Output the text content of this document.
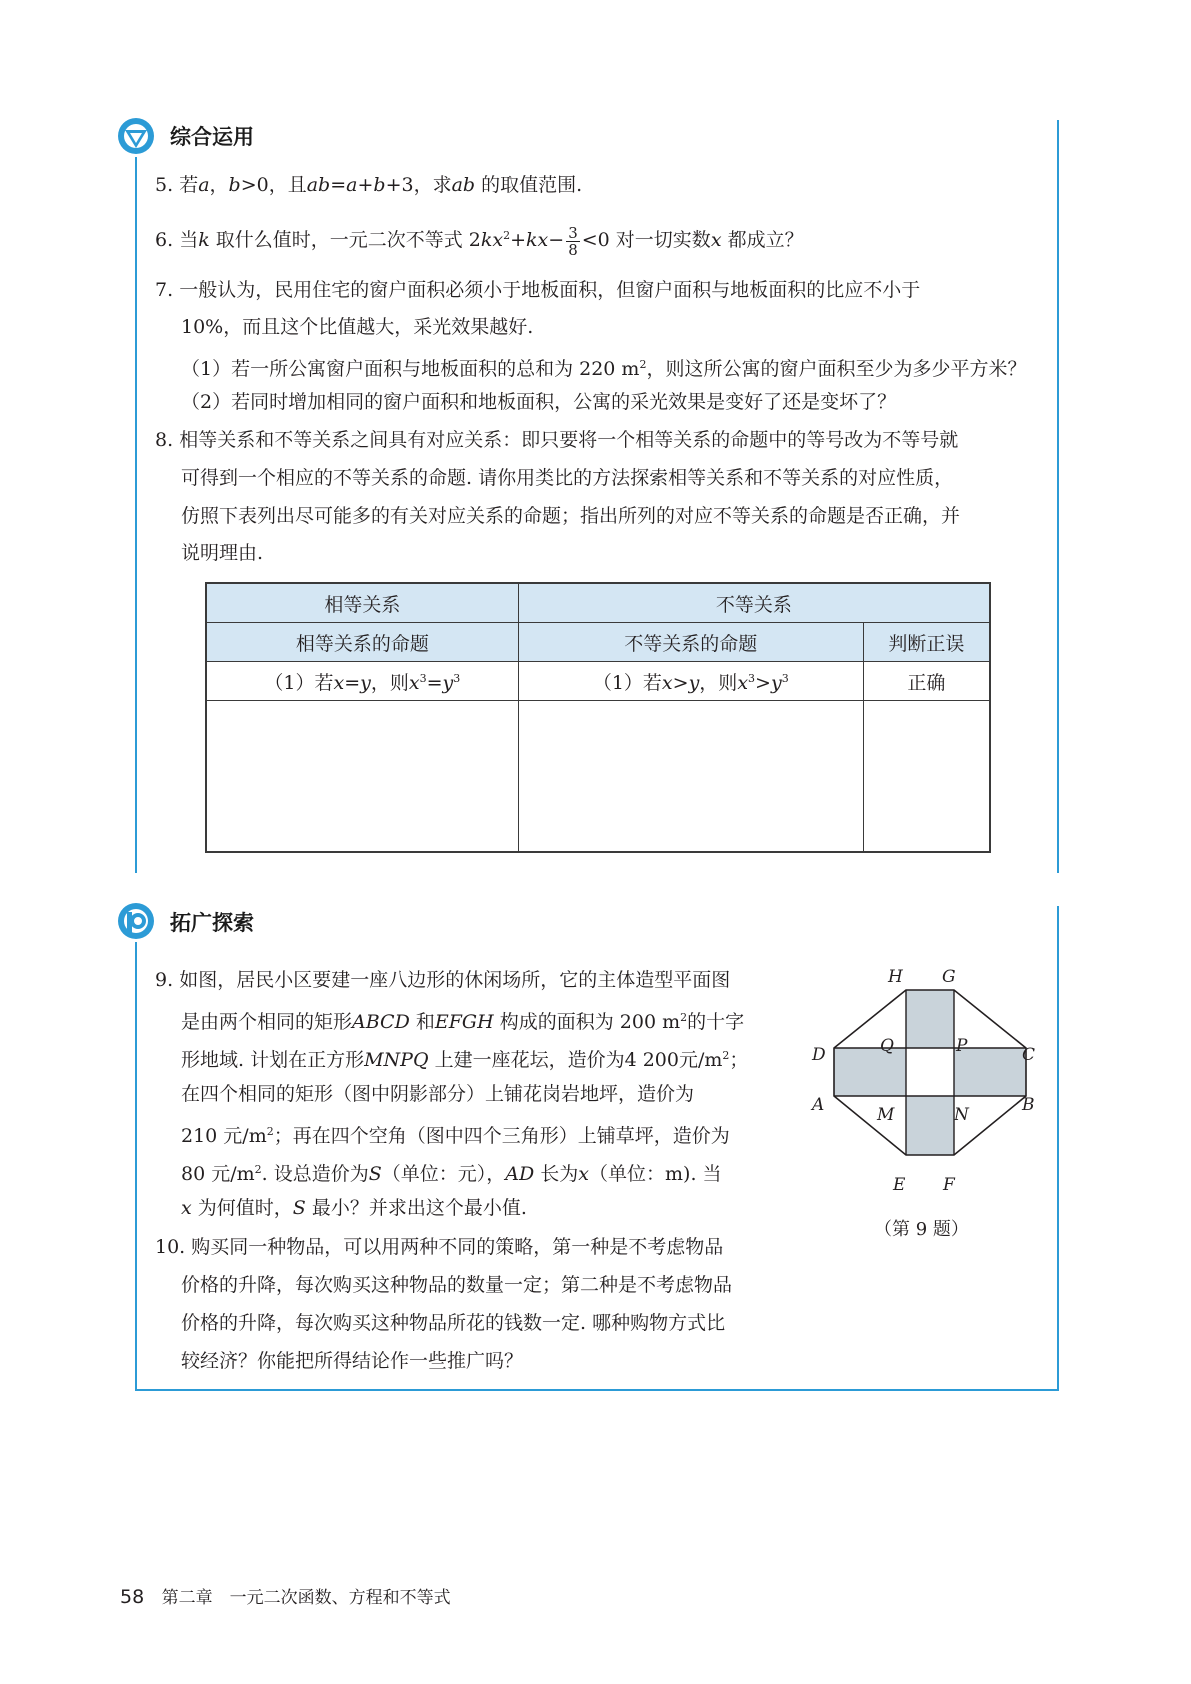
综合运用
5. 若a，b>0，且ab=a+b+3，求ab 的取值范围.
6. 当k 取什么值时，一元二次不等式 $2kx^2+kx- \frac{3}{8} <0$ 对一切实数x 都成立？
7. 一般认为，民用住宅的窗户面积必须小于地板面积，但窗户面积与地板面积的比应不小于
10%，而且这个比值越大，采光效果越好.
（1）若一所公寓窗户面积与地板面积的总和为 220 $m^2$，则这所公寓的窗户面积至少为多少平方米？
（2）若同时增加相同的窗户面积和地板面积，公寓的采光效果是变好了还是变坏了？
8. 相等关系和不等关系之间具有对应关系：即只要将一个相等关系的命题中的等号改为不等号就
可得到一个相应的不等关系的命题. 请你用类比的方法探索相等关系和不等关系的对应性质，
仿照下表列出尽可能多的有关对应关系的命题；指出所列的对应不等关系的命题是否正确，并
说明理由.
相等关系	不等关系	
相等关系的命题	不等关系的命题	判断正误
（1）若x=y，则$x^3=y^3$	（1）若x>y，则$x^3>y^3$	正确

拓广探索
9. 如图，居民小区要建一座八边形的休闲场所，它的主体造型平面图
是由两个相同的矩形ABCD 和EFGH 构成的面积为 200 $m^2$的十字
形地域. 计划在正方形MNPQ 上建一座花坛，造价为4 200元$/m^2$；
在四个相同的矩形（图中阴影部分）上铺花岗岩地坪，造价为
210 元$/m^2$；再在四个空角（图中四个三角形）上铺草坪，造价为
80 元$/m^2$. 设总造价为S（单位：元），AD 长为x（单位：m). 当
x 为何值时，S 最小？并求出这个最小值.
10. 购买同一种物品，可以用两种不同的策略，第一种是不考虑物品
价格的升降，每次购买这种物品的数量一定；第二种是不考虑物品
价格的升降，每次购买这种物品所花的钱数一定. 哪种购物方式比
较经济？你能把所得结论作一些推广吗？
H G
D	C
Q	P
A	B
M	N
E F
（第 9 题）
58 第二章　一元二次函数、方程和不等式
